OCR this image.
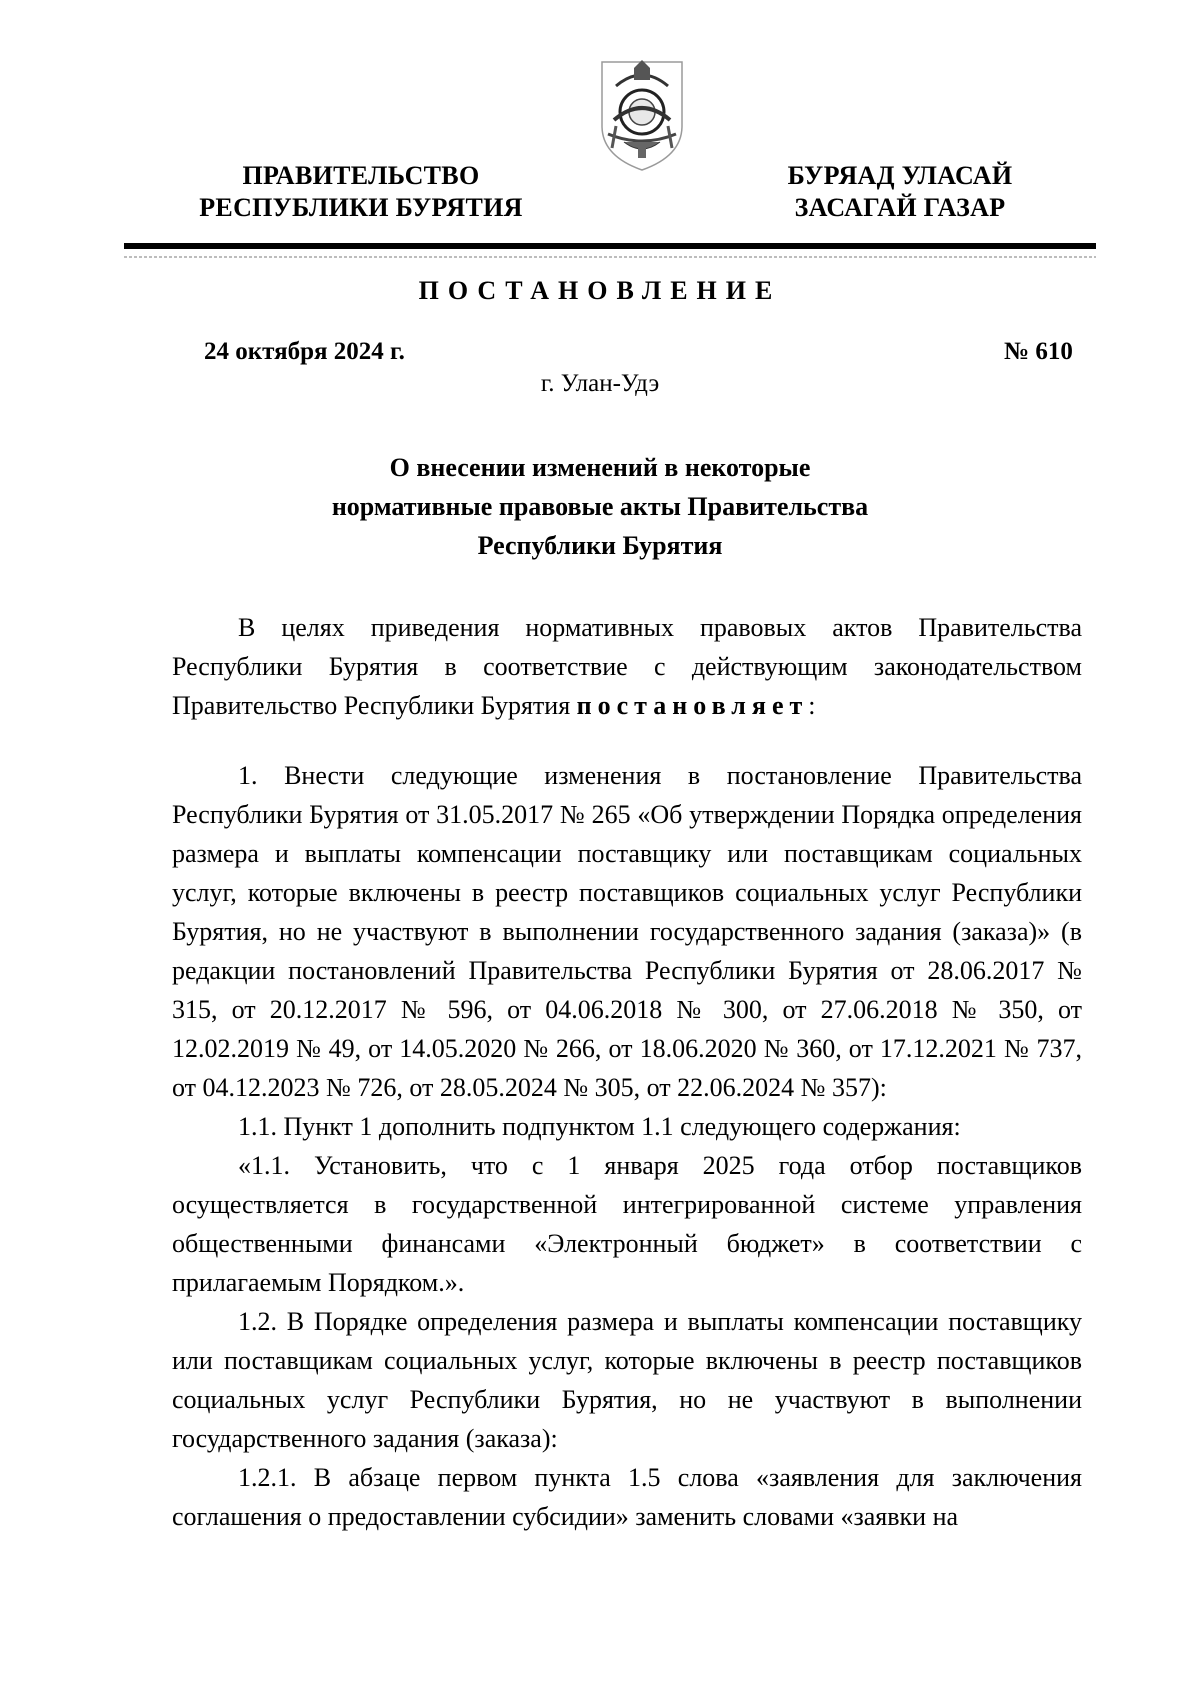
ПРАВИТЕЛЬСТВО
РЕСПУБЛИКИ БУРЯТИЯ
БУРЯАД УЛАСАЙ
ЗАСАГАЙ ГАЗАР
ПОСТАНОВЛЕНИЕ
24 октября 2024 г.	№ 610
г. Улан-Удэ
О внесении изменений в некоторые
нормативные правовые акты Правительства
Республики Бурятия

В целях приведения нормативных правовых актов Правительства Республики Бурятия в соответствие с действующим законодательством Правительство Республики Бурятия постановляет:

1. Внести следующие изменения в постановление Правительства Республики Бурятия от 31.05.2017 № 265 «Об утверждении Порядка определения размера и выплаты компенсации поставщику или поставщикам социальных услуг, которые включены в реестр поставщиков социальных услуг Республики Бурятия, но не участвуют в выполнении государственного задания (заказа)» (в редакции постановлений Правительства Республики Бурятия от 28.06.2017 № 315, от 20.12.2017 № 596, от 04.06.2018 № 300, от 27.06.2018 № 350, от 12.02.2019 № 49, от 14.05.2020 № 266, от 18.06.2020 № 360, от 17.12.2021 № 737, от 04.12.2023 № 726, от 28.05.2024 № 305, от 22.06.2024 № 357):

1.1. Пункт 1 дополнить подпунктом 1.1 следующего содержания:

«1.1. Установить, что с 1 января 2025 года отбор поставщиков осуществляется в государственной интегрированной системе управления общественными финансами «Электронный бюджет» в соответствии с прилагаемым Порядком.».

1.2. В Порядке определения размера и выплаты компенсации поставщику или поставщикам социальных услуг, которые включены в реестр поставщиков социальных услуг Республики Бурятия, но не участвуют в выполнении государственного задания (заказа):

1.2.1. В абзаце первом пункта 1.5 слова «заявления для заключения соглашения о предоставлении субсидии» заменить словами «заявки на
